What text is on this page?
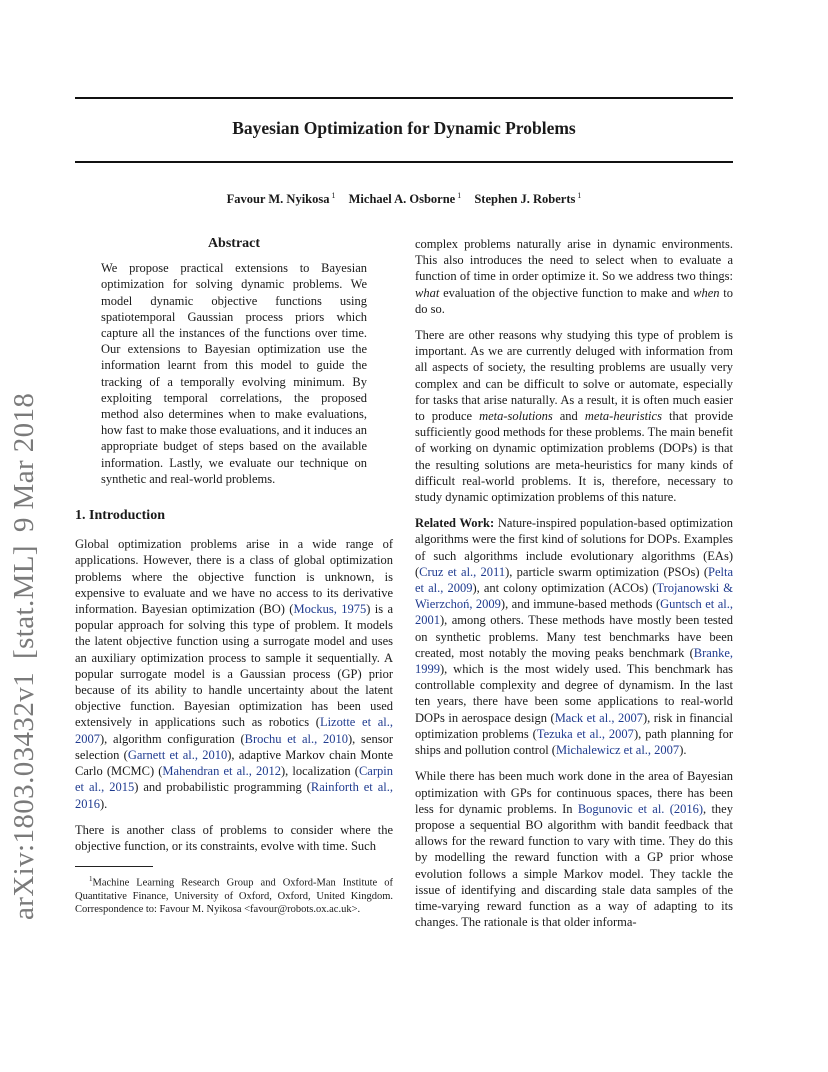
Bayesian Optimization for Dynamic Problems
Favour M. Nyikosa $^1$ Michael A. Osborne $^1$ Stephen J. Roberts $^1$
arXiv:1803.03432v1[stat.ML]9 Mar 2018
Abstract

We propose practical extensions to Bayesian optimization for solving dynamic problems. We model dynamic objective functions using spatiotemporal Gaussian process priors which capture all the instances of the functions over time. Our extensions to Bayesian optimization use the information learnt from this model to guide the tracking of a temporally evolving minimum. By exploiting temporal correlations, the proposed method also determines when to make evaluations, how fast to make those evaluations, and it induces an appropriate budget of steps based on the available information. Lastly, we evaluate our technique on synthetic and real-world problems.

1. Introduction

Global optimization problems arise in a wide range of applications. However, there is a class of global optimization problems where the objective function is unknown, is expensive to evaluate and we have no access to its derivative information. Bayesian optimization (BO) (Mockus, 1975) is a popular approach for solving this type of problem. It models the latent objective function using a surrogate model and uses an auxiliary optimization process to sample it sequentially. A popular surrogate model is a Gaussian process (GP) prior because of its ability to handle uncertainty about the latent objective function. Bayesian optimization has been used extensively in applications such as robotics (Lizotte et al., 2007), algorithm configuration (Brochu et al., 2010), sensor selection (Garnett et al., 2010), adaptive Markov chain Monte Carlo (MCMC) (Mahendran et al., 2012), localization (Carpin et al., 2015) and probabilistic programming (Rainforth et al., 2016).

There is another class of problems to consider where the objective function, or its constraints, evolve with time. Such

$^1$Machine Learning Research Group and Oxford-Man Institute of Quantitative Finance, University of Oxford, Oxford, United Kingdom. Correspondence to: Favour M. Nyikosa <favour@robots.ox.ac.uk>.

complex problems naturally arise in dynamic environments. This also introduces the need to select when to evaluate a function of time in order optimize it. So we address two things: what evaluation of the objective function to make and when to do so.

There are other reasons why studying this type of problem is important. As we are currently deluged with information from all aspects of society, the resulting problems are usually very complex and can be difficult to solve or automate, especially for tasks that arise naturally. As a result, it is often much easier to produce meta-solutions and meta-heuristics that provide sufficiently good methods for these problems. The main benefit of working on dynamic optimization problems (DOPs) is that the resulting solutions are meta-heuristics for many kinds of difficult real-world problems. It is, therefore, necessary to study dynamic optimization problems of this nature.

Related Work: Nature-inspired population-based optimization algorithms were the first kind of solutions for DOPs. Examples of such algorithms include evolutionary algorithms (EAs) (Cruz et al., 2011), particle swarm optimization (PSOs) (Pelta et al., 2009), ant colony optimization (ACOs) (Trojanowski & Wierzchoń, 2009), and immune-based methods (Guntsch et al., 2001), among others. These methods have mostly been tested on synthetic problems. Many test benchmarks have been created, most notably the moving peaks benchmark (Branke, 1999), which is the most widely used. This benchmark has controllable complexity and degree of dynamism. In the last ten years, there have been some applications to real-world DOPs in aerospace design (Mack et al., 2007), risk in financial optimization problems (Tezuka et al., 2007), path planning for ships and pollution control (Michalewicz et al., 2007).

While there has been much work done in the area of Bayesian optimization with GPs for continuous spaces, there has been less for dynamic problems. In Bogunovic et al. (2016), they propose a sequential BO algorithm with bandit feedback that allows for the reward function to vary with time. They do this by modelling the reward function with a GP prior whose evolution follows a simple Markov model. They tackle the issue of identifying and discarding stale data samples of the time-varying reward function as a way of adapting to its changes. The rationale is that older informa-
